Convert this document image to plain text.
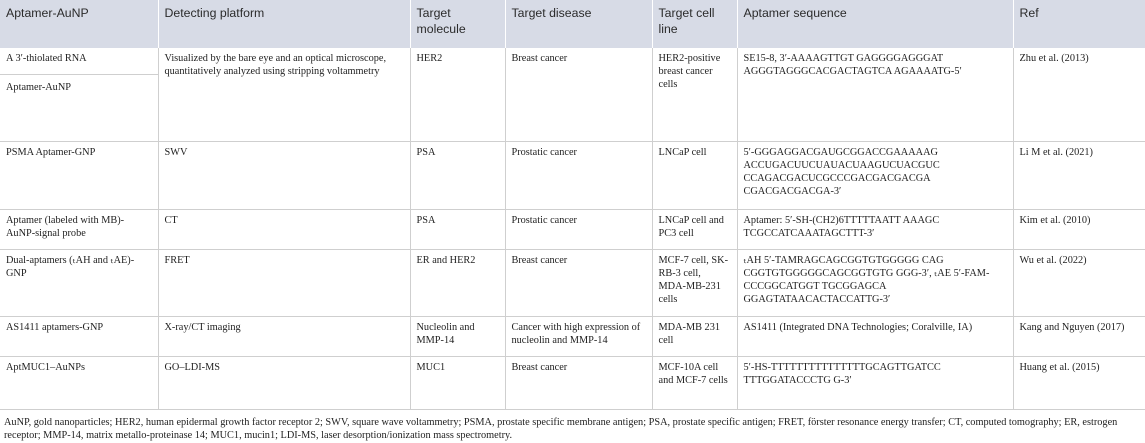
Aptamer-AuNP	Detecting platform	Target molecule	Target disease	Target cell line	Aptamer sequence	Ref

A 3′-thiolated RNA
Aptamer-AuNP	Visualized by the bare eye and an optical microscope, quantitatively analyzed using stripping voltammetry	HER2	Breast cancer	HER2-positive breast cancer cells	SE15-8, 3′-AAAAGTTGT GAGGGGAGGGAT AGGGTAGGGCACGACTAGTCA AGAAAATG-5′	Zhu et al. (2013)
PSMA Aptamer-GNP	SWV	PSA	Prostatic cancer	LNCaP cell	5′-GGGAGGACGAUGCGGACCGAAAAAG ACCUGACUUCUAUACUAAGUCUACGUC CCAGACGACUCGCCCGACGACGACGA CGACGACGACGA-3′	Li M et al. (2021)
Aptamer (labeled with MB)-AuNP-signal probe	CT	PSA	Prostatic cancer	LNCaP cell and PC3 cell	Aptamer: 5′-SH-(CH2)6TTTTTAATT AAAGC TCGCCATCAAATAGCTTT-3′	Kim et al. (2010)
Dual-aptamers (ₜAH and ₜAE)-GNP	FRET	ER and HER2	Breast cancer	MCF-7 cell, SK-RB-3 cell, MDA-MB-231 cells	ₜAH 5′-TAMRAGCAGCGGTGTGGGGG CAG CGGTGTGGGGGCAGCGGTGTG GGG-3′, ₜAE 5′-FAM-CCCGGCATGGT TGCGGAGCA GGAGTATAACACTACCATTG-3′	Wu et al. (2022)
AS1411 aptamers-GNP	X-ray/CT imaging	Nucleolin and MMP-14	Cancer with high expression of nucleolin and MMP-14	MDA-MB 231 cell	AS1411 (Integrated DNA Technologies; Coralville, IA)	Kang and Nguyen (2017)
AptMUC1–AuNPs	GO–LDI-MS	MUC1	Breast cancer	MCF-10A cell and MCF-7 cells	5′-HS-TTTTTTTTTTTTTTTGCAGTTGATCC TTTGGATACCCTG G-3′	Huang et al. (2015)
AuNP, gold nanoparticles; HER2, human epidermal growth factor receptor 2; SWV, square wave voltammetry; PSMA, prostate specific membrane antigen; PSA, prostate specific antigen; FRET, förster resonance energy transfer; CT, computed tomography; ER, estrogen receptor; MMP-14, matrix metallo-proteinase 14; MUC1, mucin1; LDI-MS, laser desorption/ionization mass spectrometry.
